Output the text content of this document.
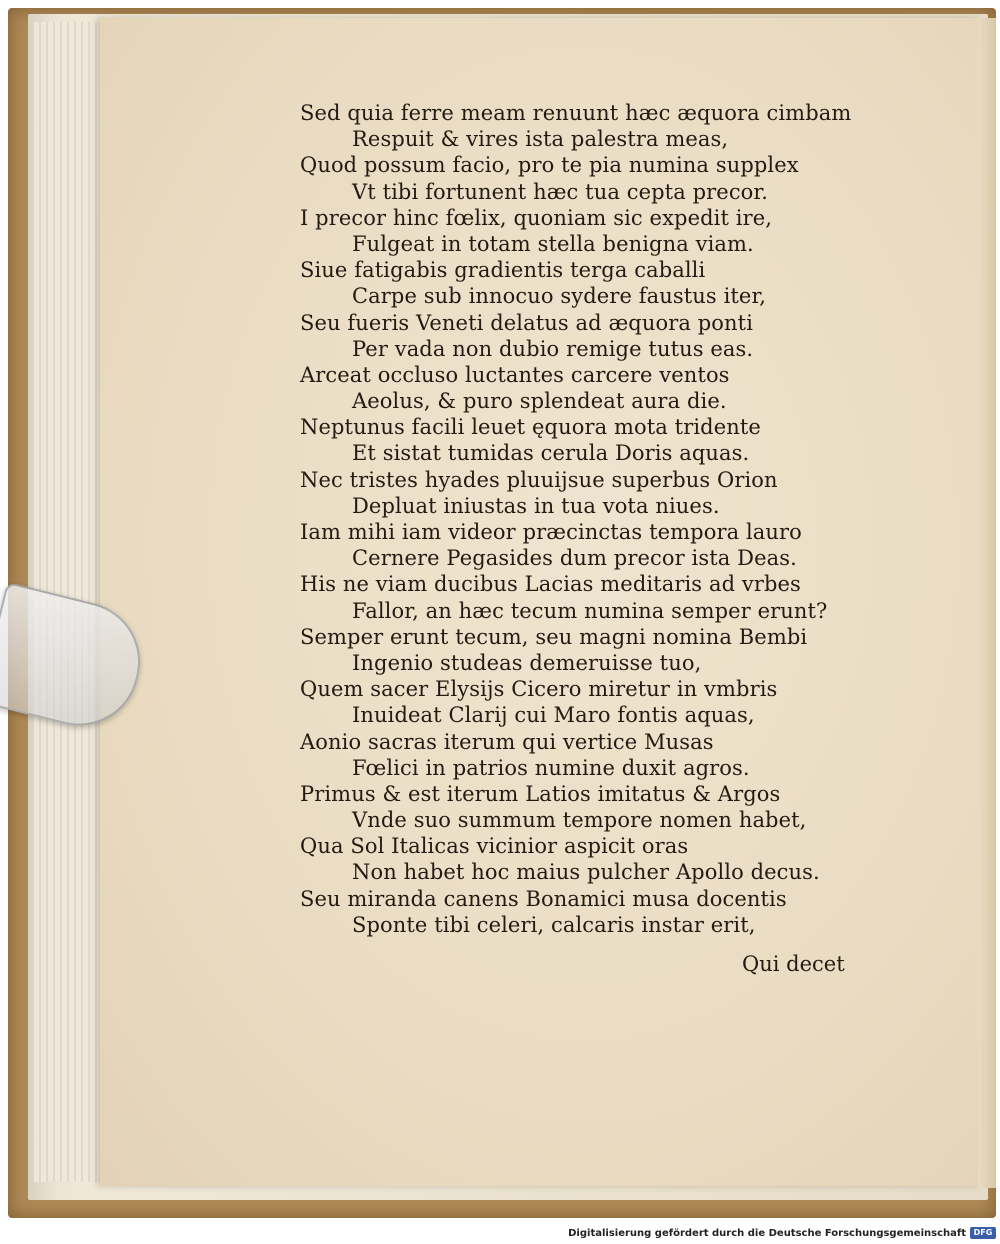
Sed quia ferre meam renuunt hæc æquora cimbam
Respuit & vires ista palestra meas,
Quod possum facio, pro te pia numina supplex
Vt tibi fortunent hæc tua cepta precor.
I precor hinc fœlix, quoniam sic expedit ire,
Fulgeat in totam stella benigna viam.
Siue fatigabis gradientis terga caballi
Carpe sub innocuo sydere faustus iter,
Seu fueris Veneti delatus ad æquora ponti
Per vada non dubio remige tutus eas.
Arceat occluso luctantes carcere ventos
Aeolus, & puro splendeat aura die.
Neptunus facili leuet ęquora mota tridente
Et sistat tumidas cerula Doris aquas.
Nec tristes hyades pluuijsue superbus Orion
Depluat iniustas in tua vota niues.
Iam mihi iam videor præcinctas tempora lauro
Cernere Pegasides dum precor ista Deas.
His ne viam ducibus Lacias meditaris ad vrbes
Fallor, an hæc tecum numina semper erunt?
Semper erunt tecum, seu magni nomina Bembi
Ingenio studeas demeruisse tuo,
Quem sacer Elysijs Cicero miretur in vmbris
Inuideat Clarij cui Maro fontis aquas,
Aonio sacras iterum qui vertice Musas
Fœlici in patrios numine duxit agros.
Primus & est iterum Latios imitatus & Argos
Vnde suo summum tempore nomen habet,
Qua Sol Italicas vicinior aspicit oras
Non habet hoc maius pulcher Apollo decus.
Seu miranda canens Bonamici musa docentis
Sponte tibi celeri, calcaris instar erit,
Qui decet
Digitalisierung gefördert durch die Deutsche Forschungsgemeinschaft DFG
